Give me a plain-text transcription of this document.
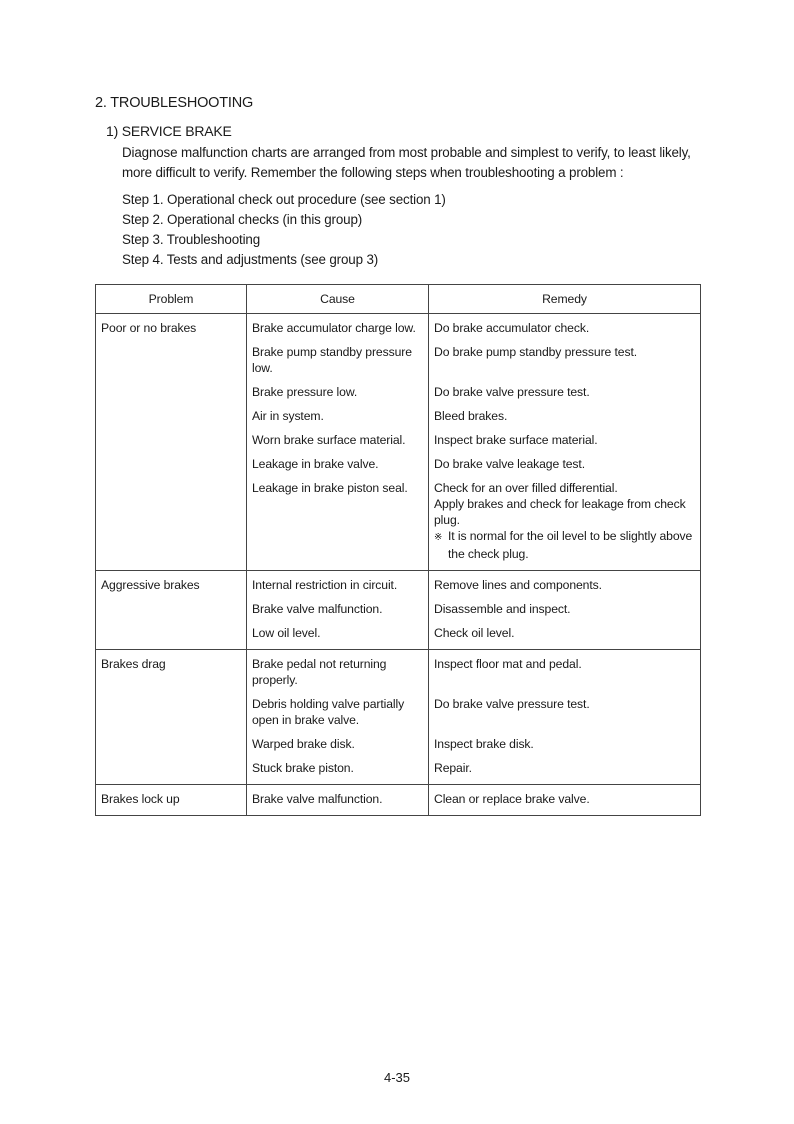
2. TROUBLESHOOTING
1) SERVICE BRAKE
Diagnose malfunction charts are arranged from most probable and simplest to verify, to least likely, more difficult to verify. Remember the following steps when troubleshooting a problem :
Step 1. Operational check out procedure (see section 1)
Step 2. Operational checks (in this group)
Step 3. Troubleshooting
Step 4. Tests and adjustments (see group 3)
Problem	Cause	Remedy
Poor or no brakes	Brake accumulator charge low.	Do brake accumulator check.

	Brake pump standby pressure low.	Do brake pump standby pressure test.

	Brake pressure low.	Do brake valve pressure test.

	Air in system.	Bleed brakes.

	Worn brake surface material.	Inspect brake surface material.

	Leakage in brake valve.	Do brake valve leakage test.

	Leakage in brake piston seal.	Check for an over filled differential.
Apply brakes and check for leakage from check plug.
※ It is normal for the oil level to be slightly above the check plug.

Aggressive brakes	Internal restriction in circuit.	Remove lines and components.

	Brake valve malfunction.	Disassemble and inspect.

	Low oil level.	Check oil level.

Brakes drag	Brake pedal not returning properly.	Inspect floor mat and pedal.

	Debris holding valve partially open in brake valve.	Do brake valve pressure test.

	Warped brake disk.	Inspect brake disk.

	Stuck brake piston.	Repair.

Brakes lock up	Brake valve malfunction.	Clean or replace brake valve.
4-35
